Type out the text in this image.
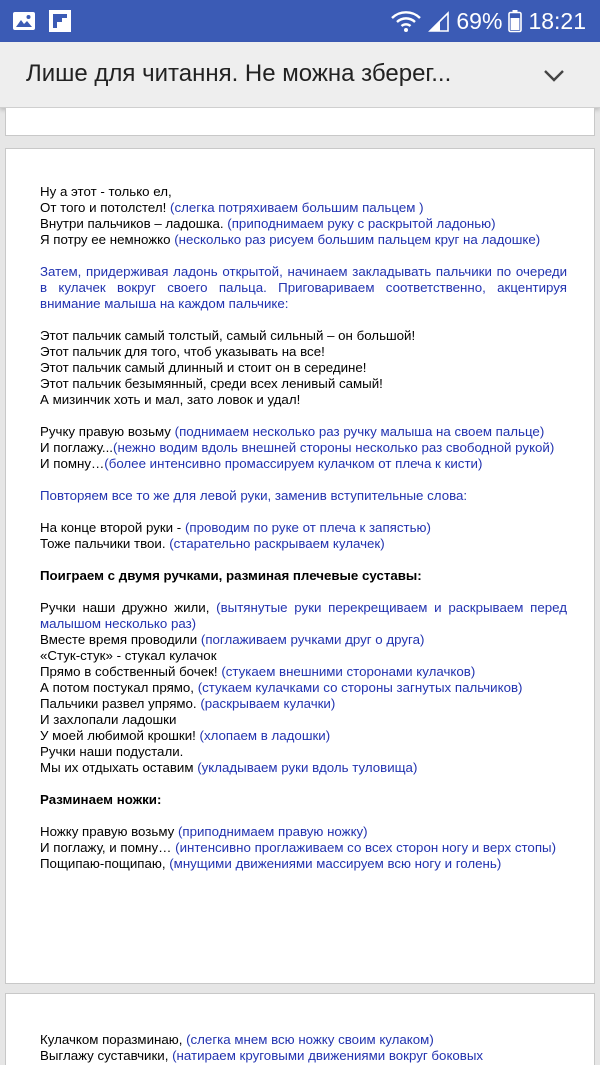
69% 18:21
Лише для читання. Не можна зберег...
Ну а этот - только ел,
От того и потолстел! (слегка потряхиваем большим пальцем )
Внутри пальчиков – ладошка. (приподнимаем руку с раскрытой ладонью)
Я потру ее немножко (несколько раз рисуем большим пальцем круг на ладошке)
Затем, придерживая ладонь открытой, начинаем закладывать пальчики по очереди в кулачек вокруг своего пальца. Приговариваем соответственно, акцентируя внимание малыша на каждом пальчике:
Этот пальчик самый толстый, самый сильный – он большой!
Этот пальчик для того, чтоб указывать на все!
Этот пальчик самый длинный и стоит он в середине!
Этот пальчик безымянный, среди всех ленивый самый!
А мизинчик хоть и мал, зато ловок и удал!
Ручку правую возьму (поднимаем несколько раз ручку малыша на своем пальце)
И поглажу...(нежно водим вдоль внешней стороны несколько раз свободной рукой)
И помну…(более интенсивно промассируем кулачком от плеча к кисти)
Повторяем все то же для левой руки, заменив вступительные слова:
На конце второй руки - (проводим по руке от плеча к запястью)
Тоже пальчики твои. (старательно раскрываем кулачек)
Поиграем с двумя ручками, разминая плечевые суставы:
Ручки наши дружно жили, (вытянутые руки перекрещиваем и раскрываем перед малышом несколько раз)
Вместе время проводили (поглаживаем ручками друг о друга)
«Стук-стук» - стукал кулачок
Прямо в собственный бочек! (стукаем внешними сторонами кулачков)
А потом постукал прямо, (стукаем кулачками со стороны загнутых пальчиков)
Пальчики развел упрямо. (раскрываем кулачки)
И захлопали ладошки
У моей любимой крошки! (хлопаем в ладошки)
Ручки наши подустали.
Мы их отдыхать оставим (укладываем руки вдоль туловища)
Разминаем ножки:
Ножку правую возьму (приподнимаем правую ножку)
И поглажу, и помну… (интенсивно проглаживаем со всех сторон ногу и верх стопы)
Пощипаю-пощипаю, (мнущими движениями массируем всю ногу и голень)
Кулачком поразминаю, (слегка мнем всю ножку своим кулаком)
Выглажу суставчики, (натираем круговыми движениями вокруг боковых
